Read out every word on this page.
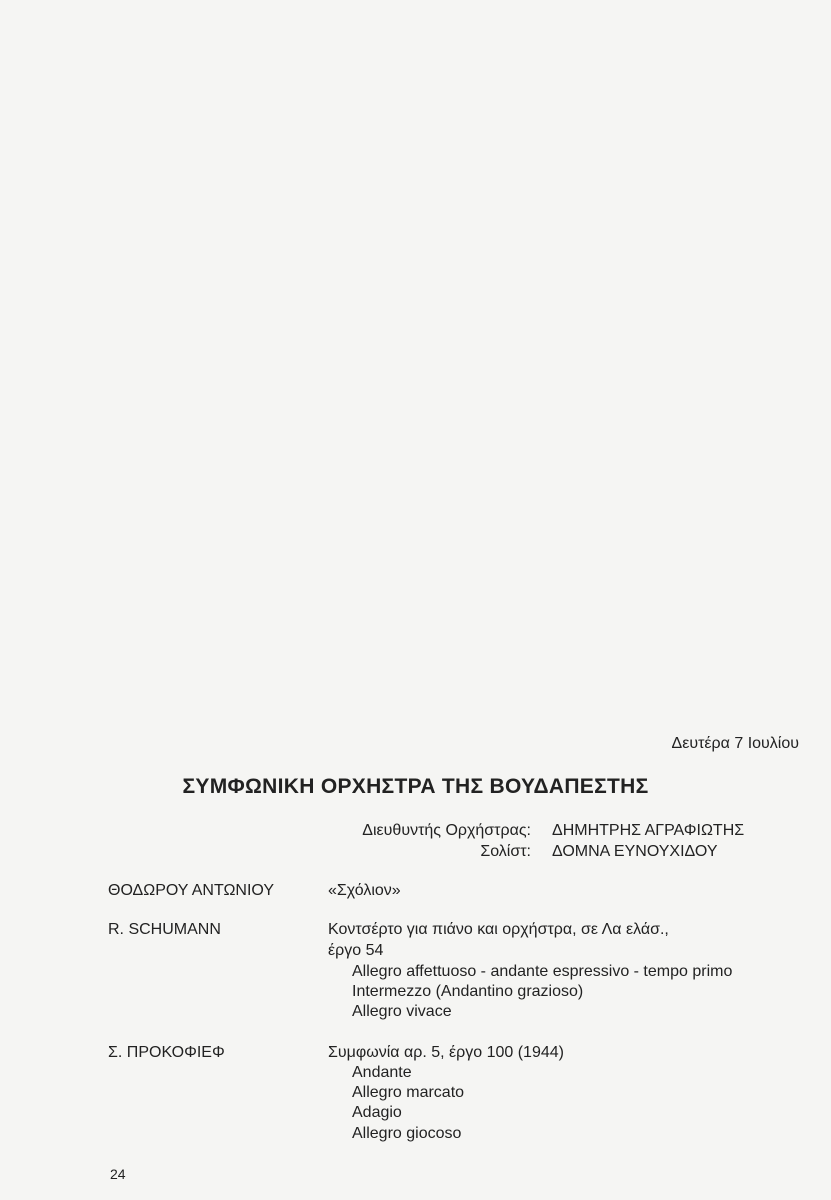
Δευτέρα 7 Ιουλίου
ΣΥΜΦΩΝΙΚΗ ΟΡΧΗΣΤΡΑ ΤΗΣ ΒΟΥΔΑΠΕΣΤΗΣ
Διευθυντής Ορχήστρας: ΔΗΜΗΤΡΗΣ ΑΓΡΑΦΙΩΤΗΣ
Σολίστ: ΔΟΜΝΑ ΕΥΝΟΥΧΙΔΟΥ
ΘΟΔΩΡΟΥ ΑΝΤΩΝΙΟΥ	«Σχόλιον»
R. SCHUMANN	Κοντσέρτο για πιάνο και ορχήστρα, σε Λα ελάσ.,
έργο 54
Allegro affettuoso - andante espressivo - tempo primo
Intermezzo (Andantino grazioso)
Allegro vivace
Σ. ΠΡΟΚΟΦΙΕΦ	Συμφωνία αρ. 5, έργο 100 (1944)
Andante
Allegro marcato
Adagio
Allegro giocoso
24
